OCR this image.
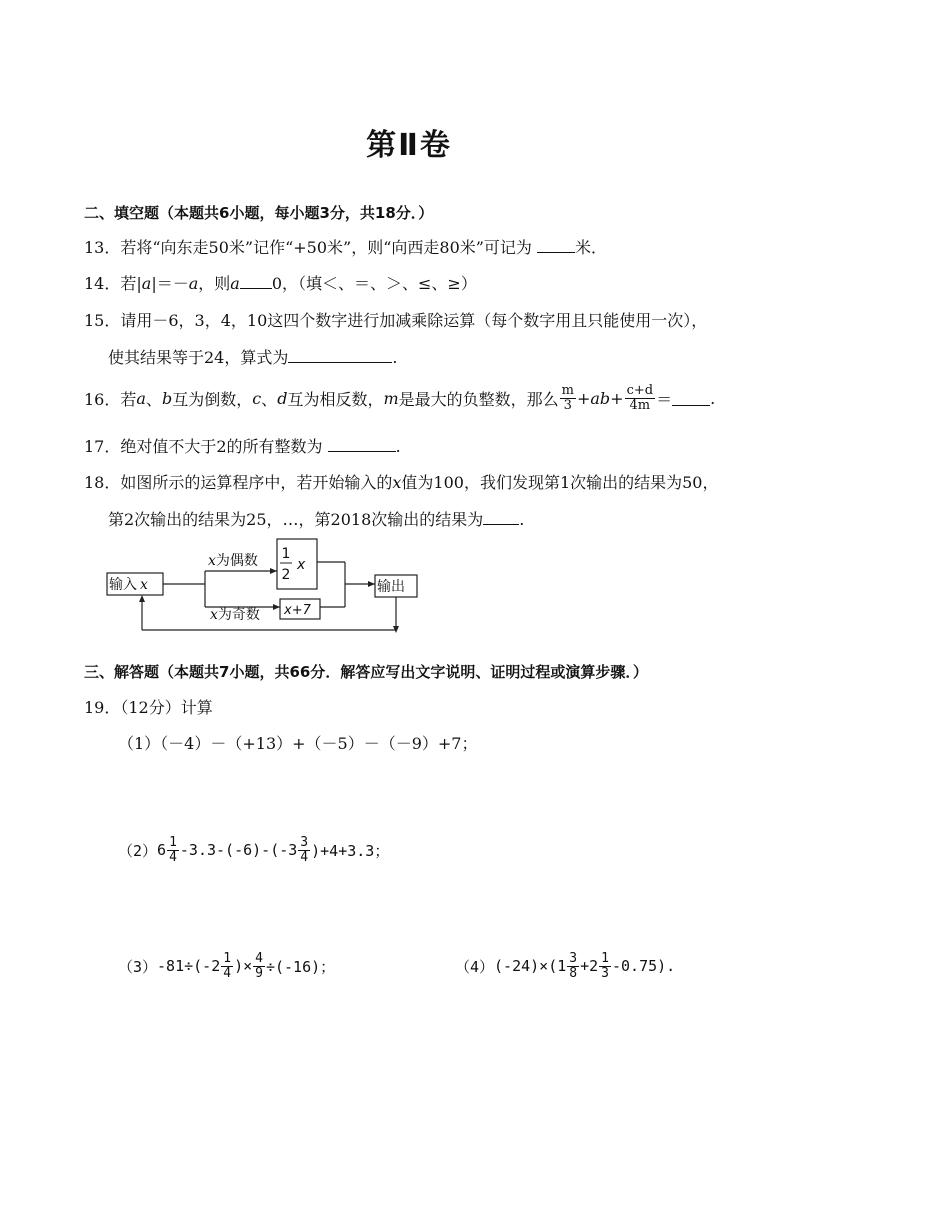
第Ⅱ卷
二、填空题（本题共6小题，每小题3分，共18分．）
13．若将“向东走50米”记作“+50米”，则“向西走80米”可记为 米．
14．若|a|＝－a，则a 0，（填＜、＝、＞、≤、≥）
15．请用－6，3，4，10这四个数字进行加减乘除运算（每个数字用且只能使用一次），
使其结果等于24，算式为	.
16．若 a 、 b 互为倒数， c 、 d 互为相反数， m 是最大的负整数，那么 $\frac{m}{3}$ + ab + $\frac{c+d}{4m}$ ＝ .
17．绝对值不大于2的所有整数为	.
18．如图所示的运算程序中，若开始输入的x值为100，我们发现第1次输出的结果为50，
第2次输出的结果为25，…，第2018次输出的结果为 .
输入 x
x为偶数
x为奇数
1
2
x
x+7
输出
三、解答题（本题共7小题，共66分．解答应写出文字说明、证明过程或演算步骤．）
19．（12分）计算
（1）（－4）－（+13）+（－5）－（－9）+7；
（2） $6 \frac{1}{4} -3.3-(-6)-(-3 \frac{3}{4} )+4+3.3$；
（3） $-81\div(-2 \frac{1}{4}$ )× $\frac{4}{9} \div(-16)$；	（4） $(-24)\times(1 \frac{3}{8} +2 \frac{1}{3} -0.75)$.
